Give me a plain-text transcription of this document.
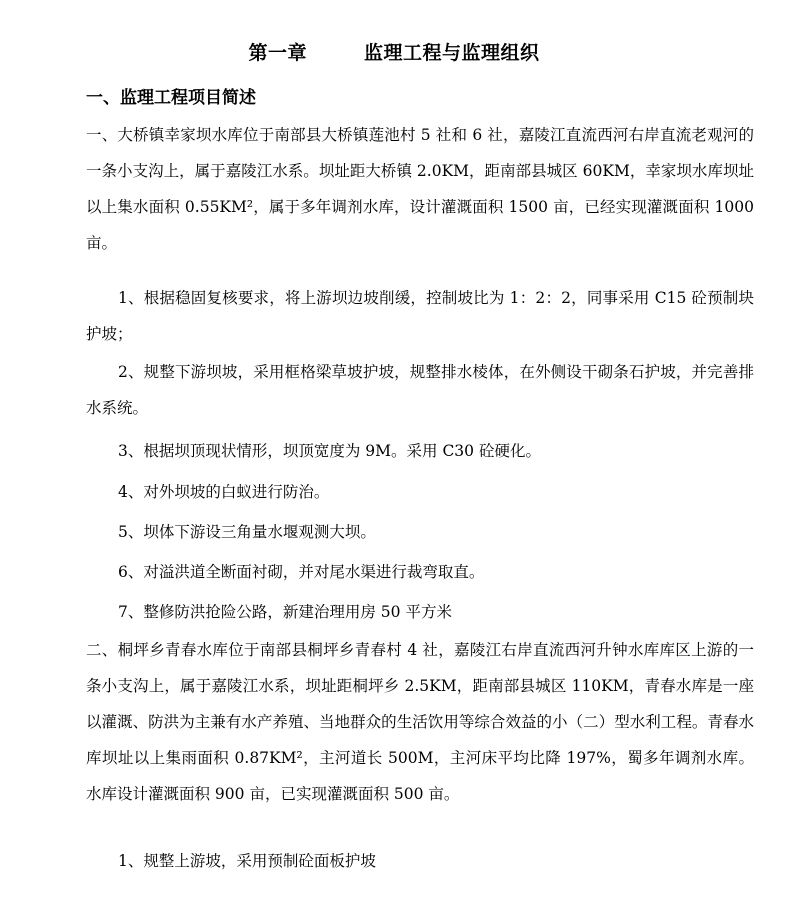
第一章        监理工程与监理组织
一、监理工程项目简述
一、大桥镇幸家坝水库位于南部县大桥镇莲池村 5 社和 6 社，嘉陵江直流西河右岸直流老观河的一条小支沟上，属于嘉陵江水系。坝址距大桥镇 2.0KM，距南部县城区 60KM，幸家坝水库坝址以上集水面积 0.55KM²，属于多年调剂水库，设计灌溉面积 1500 亩，已经实现灌溉面积 1000 亩。
1、根据稳固复核要求，将上游坝边坡削缓，控制坡比为 1：2：2，同事采用 C15 砼预制块护坡；
2、规整下游坝坡，采用框格梁草坡护坡，规整排水棱体，在外侧设干砌条石护坡，并完善排水系统。
3、根据坝顶现状情形，坝顶宽度为 9M。采用 C30 砼硬化。
4、对外坝坡的白蚁进行防治。
5、坝体下游设三角量水堰观测大坝。
6、对溢洪道全断面衬砌，并对尾水渠进行裁弯取直。
7、整修防洪抢险公路，新建治理用房 50 平方米
二、桐坪乡青春水库位于南部县桐坪乡青春村 4 社，嘉陵江右岸直流西河升钟水库库区上游的一条小支沟上，属于嘉陵江水系，坝址距桐坪乡 2.5KM，距南部县城区 110KM，青春水库是一座以灌溉、防洪为主兼有水产养殖、当地群众的生活饮用等综合效益的小（二）型水利工程。青春水库坝址以上集雨面积 0.87KM²，主河道长 500M，主河床平均比降 197%，蜀多年调剂水库。水库设计灌溉面积 900 亩，已实现灌溉面积 500 亩。
1、规整上游坡，采用预制砼面板护坡
